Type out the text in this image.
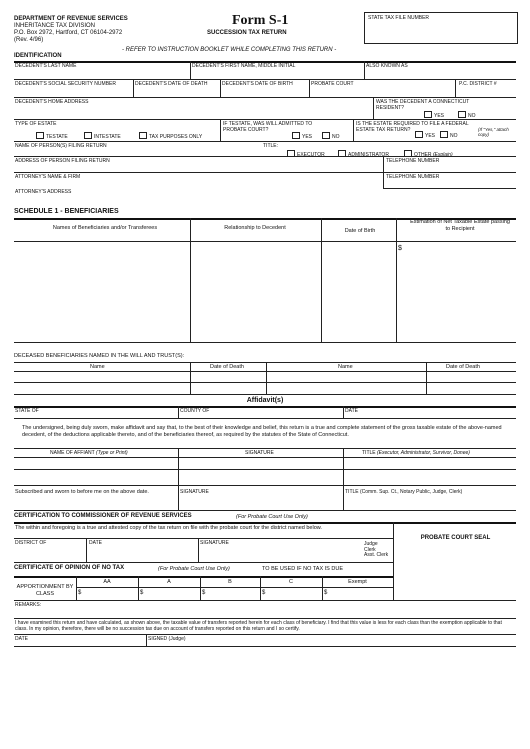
DEPARTMENT OF REVENUE SERVICES
INHERITANCE TAX DIVISION
P.O. Box 2972, Hartford, CT 06104-2972
(Rev. 4/96)
Form S-1
SUCCESSION TAX RETURN
STATE TAX FILE NUMBER
- REFER TO INSTRUCTION BOOKLET WHILE COMPLETING THIS RETURN -
IDENTIFICATION
DECEDENT'S LAST NAME	DECEDENT'S FIRST NAME, MIDDLE INITIAL	ALSO KNOWN AS
DECEDENT'S SOCIAL SECURITY NUMBER	DECEDENT'S DATE OF DEATH	DECEDENT'S DATE OF BIRTH	PROBATE COURT	P.C. DISTRICT #
DECEDENT'S HOME ADDRESS	WAS THE DECEDENT A CONNECTICUT RESIDENT?
YES	NO
TYPE OF ESTATE
TESTATE	INTESTATE	TAX PURPOSES ONLY
IF TESTATE, WAS WILL ADMITTED TO PROBATE COURT?
YES	NO
IS THE ESTATE REQUIRED TO FILE A FEDERAL ESTATE TAX RETURN?
YES	NO
(If "Yes," attach copy)
NAME OF PERSON(S) FILING RETURN	TITLE:
EXECUTOR	ADMINISTRATOR	OTHER (Explain)
ADDRESS OF PERSON FILING RETURN	TELEPHONE NUMBER
ATTORNEY'S NAME & FIRM	TELEPHONE NUMBER
ATTORNEY'S ADDRESS
SCHEDULE 1 - BENEFICIARIES
Names of Beneficiaries and/or Transferees	Relationship to Decedent	Date of Birth
Estimation of Net Taxable Estate passing to Recipient
$
DECEASED BENEFICIARIES NAMED IN THE WILL AND TRUST(S):
Name	Date of Death	Name	Date of Death
Affidavit(s)
STATE OF	COUNTY OF	DATE
The undersigned, being duly sworn, make affidavit and say that, to the best of their knowledge and belief, this return is a true and complete statement of the gross taxable estate of the above-named decedent, of the deductions applicable thereto, and of the beneficiaries thereof, as required by the statutes of the State of Connecticut.
NAME OF AFFIANT (Type or Print)	SIGNATURE	TITLE (Executor, Administrator, Survivor, Donee)
Subscribed and sworn to before me on the above date.	SIGNATURE	TITLE (Comm. Sup. Ct., Notary Public, Judge, Clerk)
CERTIFICATION TO COMMISSIONER OF REVENUE SERVICES	(For Probate Court Use Only)
The within and foregoing is a true and attested copy of the tax return on file with the probate court for the district named below.
PROBATE COURT SEAL
DISTRICT OF	DATE	SIGNATURE	Judge
Clerk
Asst. Clerk
CERTIFICATE OF OPINION OF NO TAX	(For Probate Court Use Only)	TO BE USED IF NO TAX IS DUE
APPORTIONMENT BY CLASS
AA	A	B	C	Exempt
$	$	$	$	$
REMARKS:
I have examined this return and have calculated, as shown above, the taxable value of transfers reported herein for each class of beneficiary. I find that this value is less for each class than the exemption applicable to that class. In my opinion, therefore, there will be no succession tax due on account of transfers reported on this return and I so certify.
DATE	SIGNED (Judge)
